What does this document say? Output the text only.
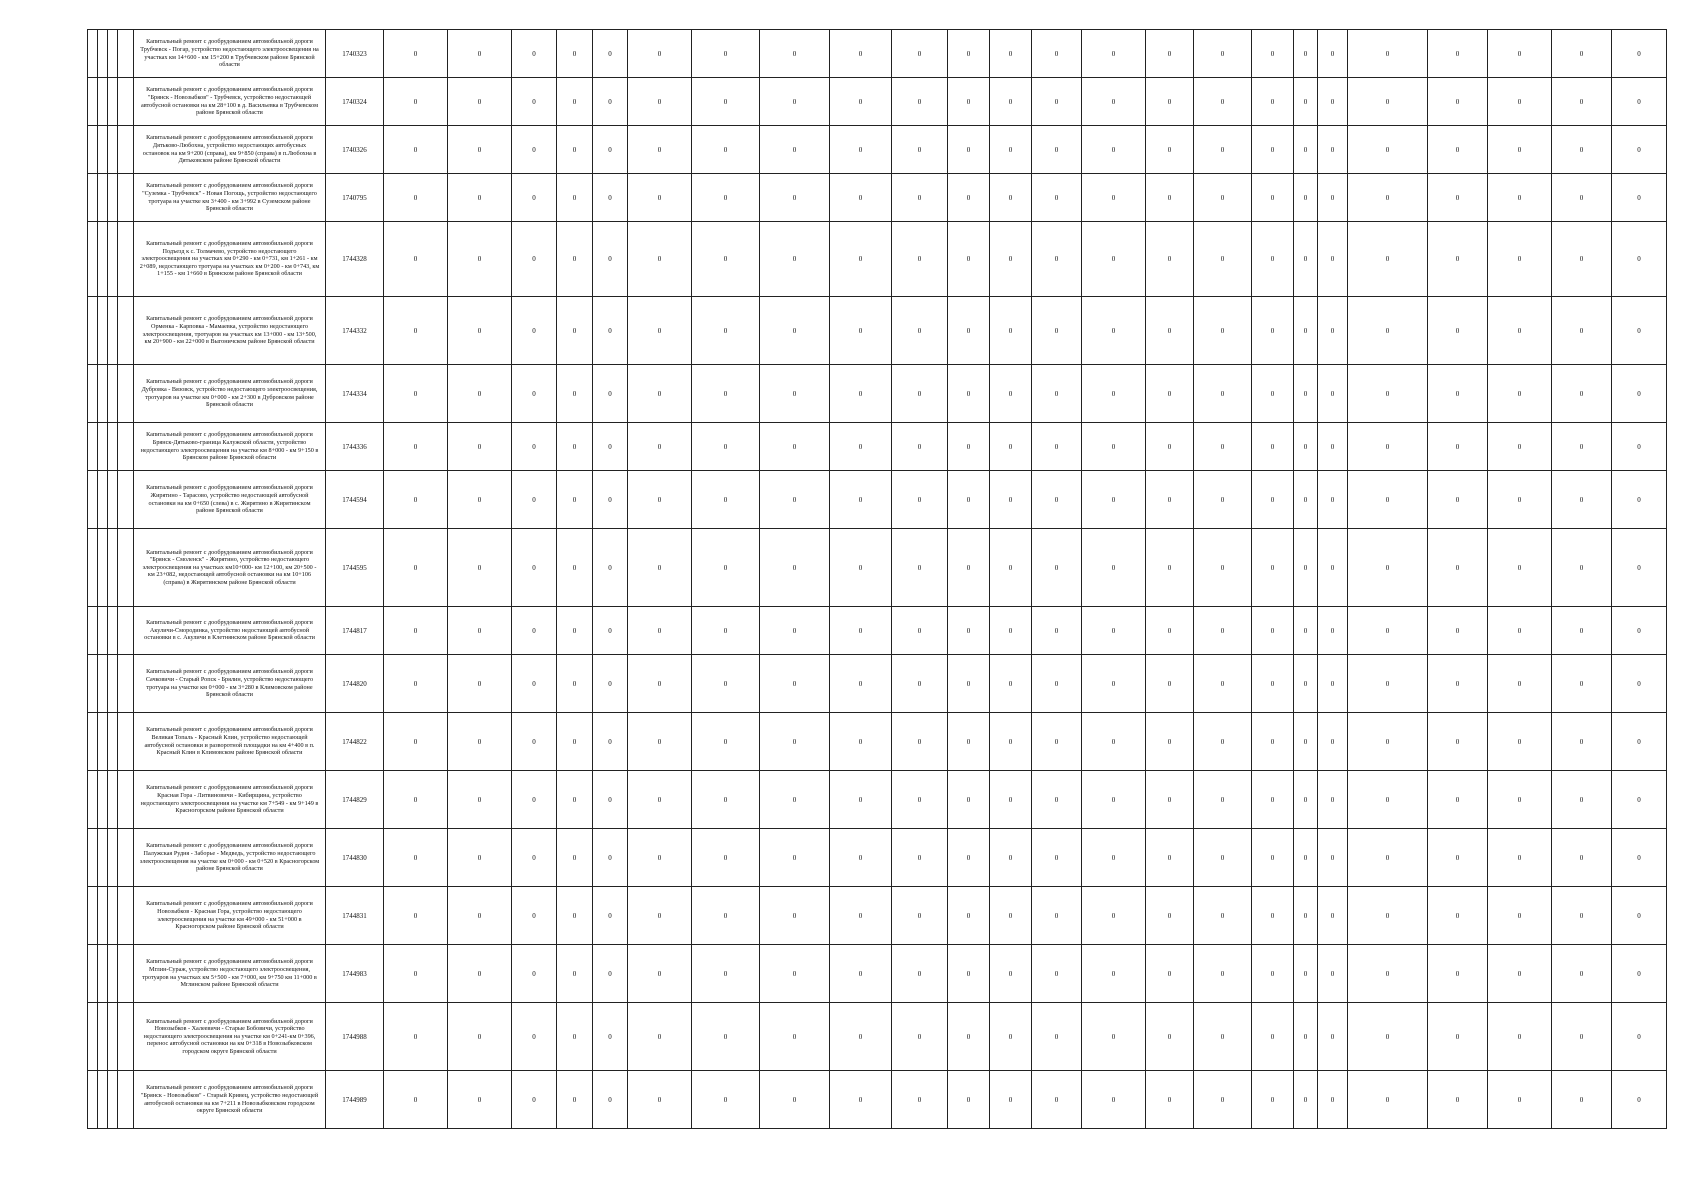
				Капитальный ремонт с дообрудованием автомобильной дороги Трубчевск - Погар, устройство недостающего электроосвещения на участках км 14+600 - км 15+200 в Трубчевском районе Брянской области	1740323	0	0	0	0	0	0	0	0	0	0	0	0	0	0	0	0	0	0	0	0	0	0	0	0
				Капитальный ремонт с дообрудованием автомобильной дороги "Брянск - Новозыбков" - Трубчевск, устройство недостающей автобусной остановки на км 28+100 в д. Васильевка в Трубчевском районе Брянской области	1740324	0	0	0	0	0	0	0	0	0	0	0	0	0	0	0	0	0	0	0	0	0	0	0	0
				Капитальный ремонт с дообрудованием автомобильной дороги Дятьково-Любохна, устройство недостающих автобусных остановок на км 9+200 (справа), км 9+850 (справа) в п.Любохна в Дятьковском районе Брянской области	1740326	0	0	0	0	0	0	0	0	0	0	0	0	0	0	0	0	0	0	0	0	0	0	0	0
				Капитальный ремонт с дообрудованием автомобильной дороги "Суземка - Трубчевск" - Новая Погощь, устройство недостающего тротуара на участке км 3+400 - км 3+992 в Суземском районе Брянской области	1740795	0	0	0	0	0	0	0	0	0	0	0	0	0	0	0	0	0	0	0	0	0	0	0	0
				Капитальный ремонт с дообрудованием автомобильной дороги Подъезд к с. Толмачево, устройство недостающего электроосвещения на участках км 0+290 - км 0+731, км 1+261 - км 2+089, недостающего тротуара на участках км 0+200 - км 0+743, км 1+155 - км 1+660 в Брянском районе Брянской области	1744328	0	0	0	0	0	0	0	0	0	0	0	0	0	0	0	0	0	0	0	0	0	0	0	0
				Капитальный ремонт с дообрудованием автомобильной дороги Орменка - Карповка - Мамаевка, устройство недостающего электроосвещения, тротуаров на участках км 13+000 - км 13+500, км 20+900 - км 22+000 в Выгоничском районе Брянской области	1744332	0	0	0	0	0	0	0	0	0	0	0	0	0	0	0	0	0	0	0	0	0	0	0	0
				Капитальный ремонт с дообрудованием автомобильной дороги Дубровка - Вязовск, устройство недостающего электроосвещения, тротуаров на участке км 0+000 - км 2+300 в Дубровском районе Брянской области	1744334	0	0	0	0	0	0	0	0	0	0	0	0	0	0	0	0	0	0	0	0	0	0	0	0
				Капитальный ремонт с дообрудованием автомобильной дороги Брянск-Дятьково-граница Калужской области, устройство недостающего электроосвещения на участке км 8+000 - км 9+150 в Брянском районе Брянской области	1744336	0	0	0	0	0	0	0	0	0	0	0	0	0	0	0	0	0	0	0	0	0	0	0	0
				Капитальный ремонт с дообрудованием автомобильной дороги Жирятино - Тарасово, устройство недостающей автобусной остановки на км 0+650 (слева) в с. Жирятино в Жирятинском районе Брянской области	1744594	0	0	0	0	0	0	0	0	0	0	0	0	0	0	0	0	0	0	0	0	0	0	0	0
				Капитальный ремонт с дообрудованием автомобильной дороги "Брянск - Смоленск" - Жирятино, устройство недостающего электроосвещения на участках км10+000- км 12+100, км 20+500 - км 23+082, недостающей автобусной остановки на км 10+106 (справа) в Жирятинском районе Брянской области	1744595	0	0	0	0	0	0	0	0	0	0	0	0	0	0	0	0	0	0	0	0	0	0	0	0
				Капитальный ремонт с дообрудованием автомобильной дороги Акуличи-Смородинка, устройство недостающей автобусной остановки в с. Акуличи в Клетнянском районе Брянской области	1744817	0	0	0	0	0	0	0	0	0	0	0	0	0	0	0	0	0	0	0	0	0	0	0	0
				Капитальный ремонт с дообрудованием автомобильной дороги Сачковичи - Старый Ропск - Брялин, устройство недостающего тротуара на участке км 0+000 - км 3+280 в Климовском районе Брянской области	1744820	0	0	0	0	0	0	0	0	0	0	0	0	0	0	0	0	0	0	0	0	0	0	0	0
				Капитальный ремонт с дообрудованием автомобильной дороги Великая Топаль - Красный Клин, устройство недостающей автобусной остановки и разворотной площадки на км 4+400 в п. Красный Клин в Климовском районе Брянской области	1744822	0	0	0	0	0	0	0	0	0	0	0	0	0	0	0	0	0	0	0	0	0	0	0	0
				Капитальный ремонт с дообрудованием автомобильной дороги Красная Гора - Литвиновичи - Кибирщина, устройство недостающего электроосвещения на участке км 7+549 - км 9+149 в Красногорском районе Брянской области	1744829	0	0	0	0	0	0	0	0	0	0	0	0	0	0	0	0	0	0	0	0	0	0	0	0
				Капитальный ремонт с дообрудованием автомобильной дороги Палужская Рудня - Заборье - Медведь, устройство недостающего электроосвещения на участке км 0+000 - км 0+520 в Красногорском районе Брянской области	1744830	0	0	0	0	0	0	0	0	0	0	0	0	0	0	0	0	0	0	0	0	0	0	0	0
				Капитальный ремонт с дообрудованием автомобильной дороги Новозыбков - Красная Гора, устройство недостающего электроосвещения на участке км 49+000 - км 51+000 в Красногорском районе Брянской области	1744831	0	0	0	0	0	0	0	0	0	0	0	0	0	0	0	0	0	0	0	0	0	0	0	0
				Капитальный ремонт с дообрудованием автомобильной дороги Мглин-Сураж, устройство недостающего электроосвещения, тротуаров на участках км 5+500 - км 7+000, км 9+750 км 11+000 в Мглинском районе Брянской области	1744983	0	0	0	0	0	0	0	0	0	0	0	0	0	0	0	0	0	0	0	0	0	0	0	0
				Капитальный ремонт с дообрудованием автомобильной дороги Новозыбков - Халеевичи - Старые Бобовичи, устройство недостающего электроосвещения на участке км 0+241-км 0+396, перенос автобусной остановки на км 0+318 в Новозыбковском городском округе Брянской области	1744988	0	0	0	0	0	0	0	0	0	0	0	0	0	0	0	0	0	0	0	0	0	0	0	0
				Капитальный ремонт с дообрудованием автомобильной дороги "Брянск - Новозыбков" - Старый Кривец, устройство недостающей автобусной остановки на км 7+211 в Новозыбковском городском округе Брянской области	1744989	0	0	0	0	0	0	0	0	0	0	0	0	0	0	0	0	0	0	0	0	0	0	0	0
